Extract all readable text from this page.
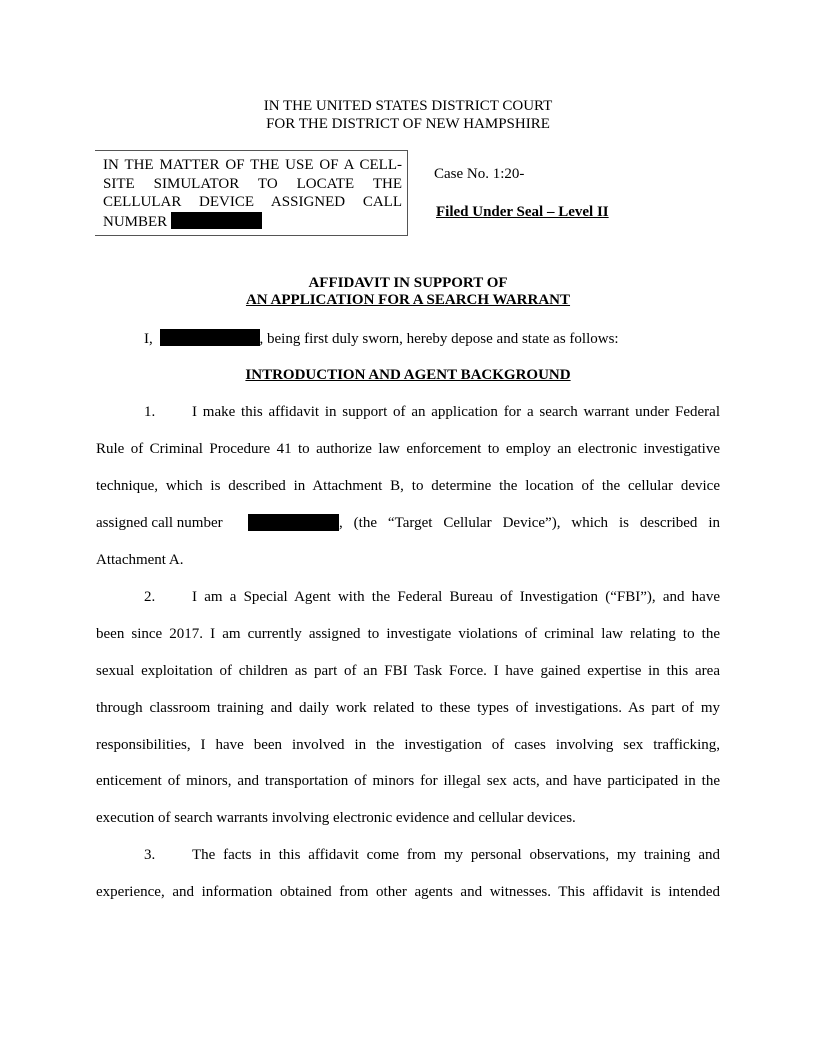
IN THE UNITED STATES DISTRICT COURT
FOR THE DISTRICT OF NEW HAMPSHIRE
IN THE MATTER OF THE USE OF A CELL-
SITE SIMULATOR TO LOCATE THE
CELLULAR DEVICE ASSIGNED CALL
NUMBER
Case No. 1:20-
Filed Under Seal – Level II
AFFIDAVIT IN SUPPORT OF
AN APPLICATION FOR A SEARCH WARRANT
I,	, being first duly sworn, hereby depose and state as follows:
INTRODUCTION AND AGENT BACKGROUND
1. I make this affidavit in support of an application for a search warrant under Federal
Rule of Criminal Procedure 41 to authorize law enforcement to employ an electronic investigative
technique, which is described in Attachment B, to determine the location of the cellular device
assigned call number	, (the “Target Cellular Device”), which is described in
Attachment A.
2. I am a Special Agent with the Federal Bureau of Investigation (“FBI”), and have
been since 2017. I am currently assigned to investigate violations of criminal law relating to the
sexual exploitation of children as part of an FBI Task Force. I have gained expertise in this area
through classroom training and daily work related to these types of investigations. As part of my
responsibilities, I have been involved in the investigation of cases involving sex trafficking,
enticement of minors, and transportation of minors for illegal sex acts, and have participated in the
execution of search warrants involving electronic evidence and cellular devices.
3. The facts in this affidavit come from my personal observations, my training and
experience, and information obtained from other agents and witnesses. This affidavit is intended
